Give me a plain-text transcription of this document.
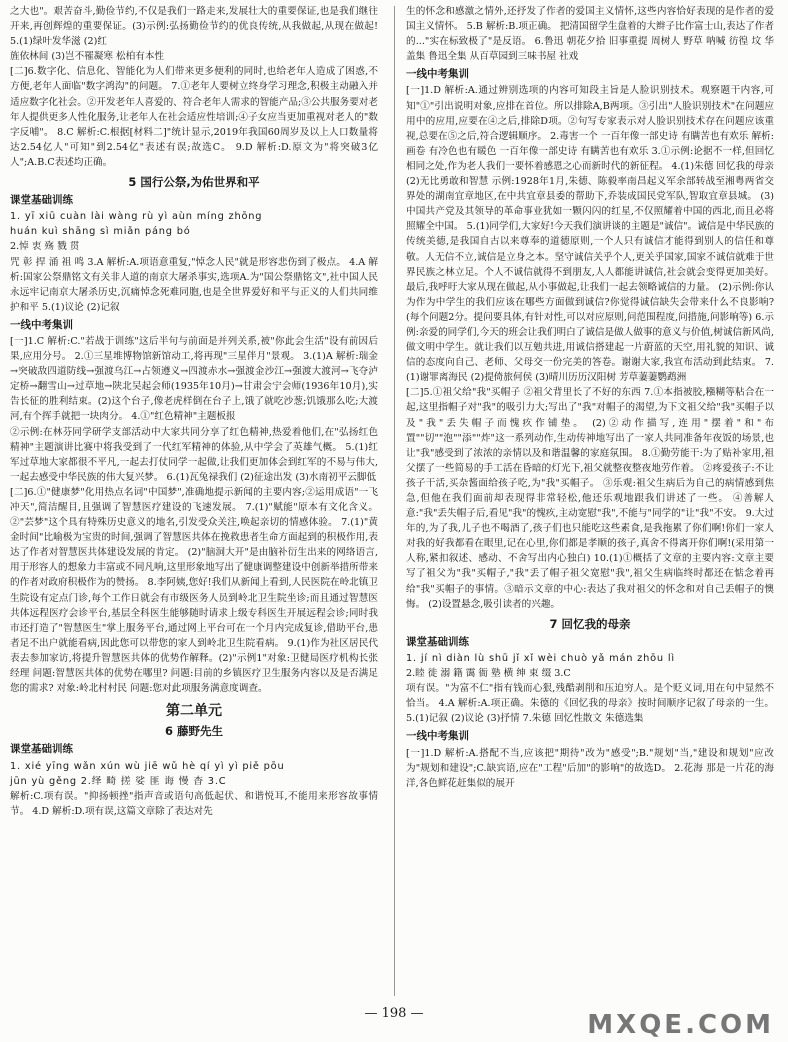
之大也"。艰苦奋斗,勤俭节约,不仅是我们一路走来,发展壮大的重要保证,也是我们继往开来,再创辉煌的重要保证。(3)示例:弘扬勤俭节约的优良传统,从我做起,从现在做起! 5.(1)绿叶发华滋 (2)红

旌依林间 (3)岂不罹凝寒 松柏有本性

[二]6.数字化、信息化、智能化为人们带来更多便利的同时,也给老年人造成了困惑,不方便,老年人面临"数字鸿沟"的问题。 7.①老年人要树立终身学习理念,积极主动融入并适应数字化社会。②开发老年人喜爱的、符合老年人需求的智能产品;③公共服务要对老年人提供更多人性化服务,让老年人在社会适应性培训;④子女应当更加重视对老人的"数字反哺"。 8.C 解析:C.根据[材料二]"统计显示,2019年我国60周岁及以上人口数量将达2.54亿人"可知"到2.54亿"表述有误;故选C。 9.D 解析:D.原文为"将突破3亿人";A.B.C表述均正确。

5 国行公祭,为佑世界和平
课堂基础训练

1. yī xiū cuàn lài wàng rù yì aùn míng zhōng

huán kuì shāng sì miǎn páng bó

2.悼 衷 殇 戮 贯

咒 彰 捍 涌 祖 鸣 3.A 解析:A.项语意重复,"悼念人民"就是形容悲伤到了极点。 4.A 解析:国家公祭鼎铭文有关非人道的南京大屠杀事实,选项A.为"国公祭鼎铭文",社中国人民永远牢记南京大屠杀历史,沉痛悼念死难同胞,也是全世界爱好和平与正义的人们共同维护和平 5.(1)议论 (2)记叙

一线中考集训

[一]1.C 解析:C."若战于训练"这后半句与前面是并列关系,被"你此会生活"设有前因后果,应用分号。 2.①三星堆博物馆新馆动工,将再现"三星伴月"景观。 3.(1)A 解析:瑞金→突破敌四道防线→强渡乌江→占领遵义→四渡赤水→强渡金沙江→强渡大渡河→飞夺泸定桥→翻雪山→过草地→陕北吴起会师(1935年10月)→甘肃会宁会师(1936年10月),实告长征的胜利结束。(2)这个台子,像老虎样倒在台子上,饿了就吃沙葱;饥饿那么吃;大渡河,有个挥手就把一块肉分。 4.①"红色精神"主题板报

②示例:在林芬同学研学支部活动中大家共同分享了红色精神,热爱着他们,在"弘扬红色精神"主题演讲比赛中将我受到了一代红军精神的体验,从中学会了英雄气概。 5.(1)红军过草地大家都很不平凡,一起去打仗同学一起做,让我们更加体会到红军的不易与伟大,一起去感受中华民族的伟大复兴梦。 6.(1)瓦兔禄我们 (2)征途出发 (3)水南初平云脚低

[二]6.①"健康梦"化用热点名词"中国梦",准确地提示新闻的主要内容;②运用成语"一飞冲天",简洁醒目,且强调了智慧医疗建设的飞速发展。 7.(1)"赋能"原本有文化含义。 ②"芸梦"这个具有特殊历史意义的地名,引发受众关注,唤起亲切的情感体验。 7.(1)"黄金时间"比喻极为宝贵的时间,强调了智慧医共体在挽救患者生命方面起到的积极作用,表达了作者对智慧医共体建设发展的肯定。 (2)"脑洞大开"是由脑补衍生出来的网络语言,用于形容人的想象力丰富或不同凡响,这里形象地写出了健康调整建设中创新举措所带来的作者对政府积极作为的赞扬。 8.李阿姨,您好!我们从新闻上看到,人民医院在岭北镇卫生院设有定点门诊,每个工作日就会有市级医务人员到岭北卫生院坐诊;而且通过智慧医共体远程医疗会诊平台,基层全科医生能够随时请求上级专科医生开展远程会诊;同时我市还打造了"智慧医生"掌上服务平台,通过网上平台可在一个月内完成复诊,借助平台,患者足不出户就能看病,因此您可以带您的家人到岭北卫生院看病。 9.(1)作为社区居民代表去参加家访,将提升智慧医共体的优势作解释。(2)"示例1"对象:卫健局医疗机构长张经理 问题:智慧医共体的优势在哪里? 问题:目前的乡镇医疗卫生服务内容以及是否满足您的需求? 对象:岭北村村民 问题:您对此项服务满意度调查。

第二单元
6 藤野先生
课堂基础训练

1. xié yīng wǎn xún wù jiē wǔ hè qí yì yì piě pōu

jūn yù gěng 2.绎 畸 搓 娑 匪 诲 慢 杳 3.C

解析:C.项有误。"抑扬顿挫"指声音或语句高低起伏、和谐悦耳,不能用来形容故事情节。 4.D 解析:D.项有误,这篇文章除了表达对先

生的怀念和感激之情外,还抒发了作者的爱国主义情怀,这些内容恰好表现的是作者的爱国主义情怀。 5.B 解析:B.项正确。 把清国留学生盘着的大辫子比作富士山,表达了作者的..."实在标致极了"是反语。 6.鲁迅 朝花夕拾 旧事重提 周树人 野草 呐喊 彷徨 坟 华盖集 鲁迅全集 从百草园到三味书屋 社戏

一线中考集训

[一]1.D 解析:A.通过辨别选项的内容可知段主旨是人脸识别技术。观察题干内容,可知"①"引出说明对象,应排在首位。所以排除A,B两项。③引出"人脸识别技术"在问题应用中的应用,应要在④之后,排除D项。②句写专家表示对人脸识别技术存在问题应该重视,总要在⑤之后,符合逻辑顺序。 2.毒害一个 一百年像一部史诗 有瞒苦也有欢乐 解析:画卷 有冷色也有暖色 一百年像一部史诗 有瞒苦也有欢乐 3.①示例:论据不一样,但回忆相同之处,作为老人我们一要怀着感恩之心而新时代的新征程。 4.(1)朱德 回忆我的母亲 (2)无比勇敢和智慧 示例:1928年1月,朱德、陈毅率南昌起义军余部转战至湘粤两省交界处的湖南宜章地区,在中共宜章县委的帮助下,乔装成国民党军队,智取宜章县城。 (3)中国共产党及其领导的革命事业犹如一颗闪闪的红星,不仅照耀着中国的西北,而且必将照耀全中国。 5.(1)同学们,大家好!今天我们演讲谈的主题是"诚信"。诚信是中华民族的传统美德,是我国自古以来尊奉的道德原则,一个人只有诚信才能得到别人的信任和尊敬。人无信不立,诚信是立身之本。坚守诚信关乎个人,更关乎国家,国家不诚信就难于世界民族之林立足。个人不诚信就得不到朋友,人人都能讲诚信,社会就会变得更加美好。最后,我呼吁大家从现在做起,从小事做起,让我们一起去领略诚信的力量。 (2)示例:你认为作为中学生的我们应该在哪些方面做到诚信?你觉得诚信缺失会带来什么不良影响?(每个问题2分。提问要具体,有针对性,可以对应原则,问范围程度,问措施,问影响等) 6.示例:亲爱的同学们,今天的班会让我们明白了诚信是做人做事的意义与价值,树诚信新风尚,做文明中学生。就让我们以互勉共进,用诚信搭建起一片蔚蓝的天空,用礼貌的知识、诚信的态度向自己、老师、父母交一份完美的答卷。谢谢大家,我宣布活动到此结束。 7.(1)谢罪离海民 (2)提倚旅何侯 (3)晴川历历汉阳树 芳草萋萋鹦鹉洲

[二]5.①祖父给"我"买帽子 ②祖父背里长了不好的东西 7.①本指被胶,糨糊等粘合在一起,这里指帽子对"我"的吸引力大;写出了"我"对帽子的渴望,为下文祖父给"我"买帽子以及"我"丢失帽子而愧疚作铺垫。 (2)②动作描写,连用"摆着"和"布置""切""泡""添""炸"这一系列动作,生动传神地写出了一家人共同准备年夜饭的场景,也让"我"感受到了浓浓的亲情以及和谐温馨的家庭氛围。 8.①勤劳能干:为了贴补家用,祖父摆了一些简易的手工活在昏暗的灯光下,祖父就整夜整夜地劳作着。 ②疼爱孩子:不让孩子干活,买杂酱面给孩子吃,为"我"买帽子。 ③乐观:祖父生病后为自己的病情感到焦急,但他在我们面前却表现得非常轻松,他还乐观地跟我们讲述了一些。 ④善解人意:"我"丢失帽子后,看见"我"的愧疚,主动宽慰"我",不能与"同学的"让"我"不安。 9.大过年的,为了我,儿子也不喝酒了,孩子们也只能吃这些素食,是我拖累了你们啊!你们一家人对我的好我都看在眼里,记在心里,你们都是孝顺的孩子,真舍不得离开你们啊!(采用第一人称,紧扣叙述、感动、不舍写出内心独白) 10.(1)①概括了文章的主要内容:文章主要写了祖父为"我"买帽子,"我"丢了帽子祖父宽慰"我",祖父生病临终时都还在惦念着再给"我"买帽子的事情。③暗示文章的中心:表达了我对祖父的怀念和对自己丢帽子的懊悔。 (2)设置悬念,吸引读者的兴趣。

7 回忆我的母亲
课堂基础训练

1. jí nì diàn lù shū jǐ xǐ wèi chuò yǎ mán zhōu lì

2.睦 徙 溺 籍 霭 衙 塾 横 绅 束 缀 3.C

项有误。"为富不仁"指有钱而心狠,残酷剥削和压迫穷人。是个贬义词,用在句中显然不恰当。 4.A 解析:A.项正确。朱德的《回忆我的母亲》按时间顺序记叙了母亲的一生。 5.(1)记叙 (2)议论 (3)抒情 7.朱德 回忆性散文 朱德选集

一线中考集训

[一]1.D 解析:A.搭配不当,应该把"期待"改为"感受";B."规划"当,"建设和规划"应改为"规划和建设";C.缺宾语,应在"工程"后加"的影响"的故选D。 2.花海 那是一片花的海洋,各色鲜花赶集似的展开

— 198 —	MXQE.COM
